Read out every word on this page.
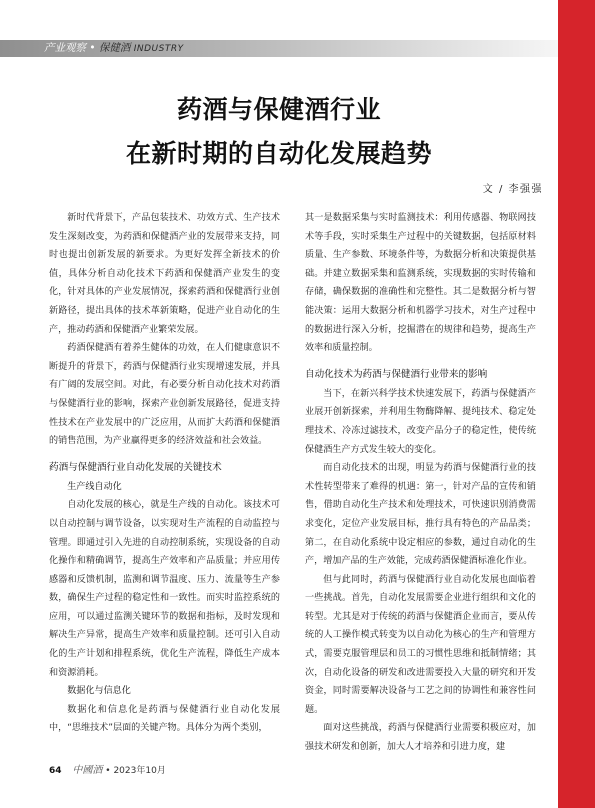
产业观察 • 保健酒 INDUSTRY
药酒与保健酒行业
在新时期的自动化发展趋势
文 / 李强强

新时代背景下，产品包装技术、功效方式、生产技术发生深刻改变，为药酒和保健酒产业的发展带来支持，同时也提出创新发展的新要求。为更好发挥全新技术的价值，具体分析自动化技术下药酒和保健酒产业发生的变化，针对具体的产业发展情况，探索药酒和保健酒行业创新路径，提出具体的技术革新策略，促进产业自动化的生产，推动药酒和保健酒产业繁荣发展。

药酒保健酒有着养生健体的功效，在人们健康意识不断提升的背景下，药酒与保健酒行业实现增速发展，并具有广阔的发展空间。对此，有必要分析自动化技术对药酒与保健酒行业的影响，探索产业创新发展路径，促进支持性技术在产业发展中的广泛应用，从而扩大药酒和保健酒的销售范围，为产业赢得更多的经济效益和社会效益。

药酒与保健酒行业自动化发展的关键技术
生产线自动化

自动化发展的核心，就是生产线的自动化。该技术可以自动控制与调节设备，以实现对生产流程的自动监控与管理。即通过引入先进的自动控制系统，实现设备的自动化操作和精确调节，提高生产效率和产品质量；并应用传感器和反馈机制，监测和调节温度、压力、流量等生产参数，确保生产过程的稳定性和一致性。而实时监控系统的应用，可以通过监测关键环节的数据和指标，及时发现和解决生产异常，提高生产效率和质量控制。还可引入自动化的生产计划和排程系统，优化生产流程，降低生产成本和资源消耗。

数据化与信息化

数据化和信息化是药酒与保健酒行业自动化发展中，“思维技术”层面的关键产物。具体分为两个类别，

其一是数据采集与实时监测技术：利用传感器、物联网技术等手段，实时采集生产过程中的关键数据，包括原材料质量、生产参数、环境条件等，为数据分析和决策提供基础。并建立数据采集和监测系统，实现数据的实时传输和存储，确保数据的准确性和完整性。其二是数据分析与智能决策：运用大数据分析和机器学习技术，对生产过程中的数据进行深入分析，挖掘潜在的规律和趋势，提高生产效率和质量控制。

自动化技术为药酒与保健酒行业带来的影响

当下，在新兴科学技术快速发展下，药酒与保健酒产业展开创新探索，并利用生物酶降解、提纯技术、稳定处理技术、冷冻过滤技术，改变产品分子的稳定性，使传统保健酒生产方式发生较大的变化。

而自动化技术的出现，明显为药酒与保健酒行业的技术性转型带来了难得的机遇：第一，针对产品的宣传和销售，借助自动化生产技术和处理技术，可快速识别消费需求变化，定位产业发展目标，推行具有特色的产品品类；第二，在自动化系统中设定相应的参数，通过自动化的生产，增加产品的生产效能，完成药酒保健酒标准化作业。

但与此同时，药酒与保健酒行业自动化发展也面临着一些挑战。首先，自动化发展需要企业进行组织和文化的转型。尤其是对于传统的药酒与保健酒企业而言，要从传统的人工操作模式转变为以自动化为核心的生产和管理方式，需要克服管理层和员工的习惯性思维和抵制情绪；其次，自动化设备的研发和改进需要投入大量的研究和开发资金，同时需要解决设备与工艺之间的协调性和兼容性问题。

面对这些挑战，药酒与保健酒行业需要积极应对，加强技术研发和创新，加大人才培养和引进力度，建

64 中國酒 • 2023年10月
